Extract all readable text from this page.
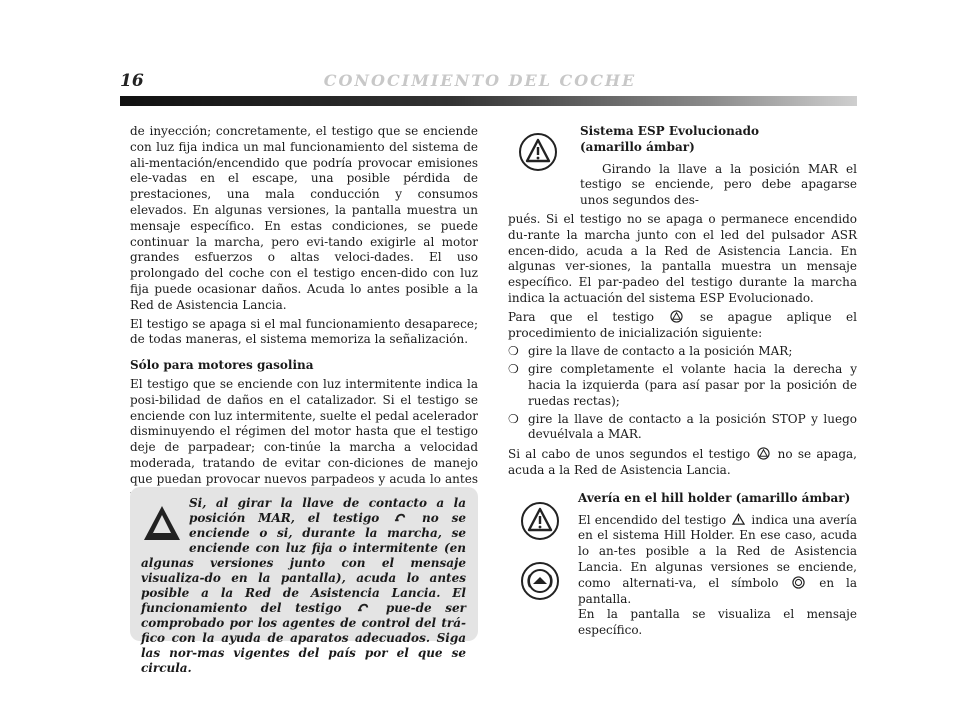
16	CONOCIMIENTO DEL COCHE

de inyección; concretamente, el testigo que se enciende con luz fija indica un mal funcionamiento del sistema de ali-mentación/encendido que podría provocar emisiones ele-vadas en el escape, una posible pérdida de prestaciones, una mala conducción y consumos elevados. En algunas versiones, la pantalla muestra un mensaje específico. En estas condiciones, se puede continuar la marcha, pero evi-tando exigirle al motor grandes esfuerzos o altas veloci-dades. El uso prolongado del coche con el testigo encen-dido con luz fija puede ocasionar daños. Acuda lo antes posible a la Red de Asistencia Lancia.

El testigo se apaga si el mal funcionamiento desaparece; de todas maneras, el sistema memoriza la señalización.

Sólo para motores gasolina

El testigo que se enciende con luz intermitente indica la posi-bilidad de daños en el catalizador. Si el testigo se enciende con luz intermitente, suelte el pedal acelerador disminuyendo el régimen del motor hasta que el testigo deje de parpadear; con-tinúe la marcha a velocidad moderada, tratando de evitar con-diciones de manejo que puedan provocar nuevos parpadeos y acuda lo antes

Si, al girar la llave de contacto a la posición MAR, el testigo	no se enciende o si, durante la marcha, se enciende con luz fija o intermitente (en algunas versiones junto con el mensaje visualiza-do en la pantalla), acuda lo antes posible a la Red de Asistencia Lancia. El funcionamiento del testigo	pue-de ser comprobado por los agentes de control del trá-fico con la ayuda de aparatos adecuados. Siga las nor-mas vigentes del país por el que se circula.

Sistema ESP Evolucionado

(amarillo ámbar)

Girando la llave a la posición MAR el testigo se enciende, pero debe apagarse unos segundos des-

pués. Si el testigo no se apaga o permanece encendido du-rante la marcha junto con el led del pulsador ASR encen-dido, acuda a la Red de Asistencia Lancia. En algunas ver-siones, la pantalla muestra un mensaje específico. El par-padeo del testigo durante la marcha indica la actuación del sistema ESP Evolucionado.

Para que el testigo	se apague aplique el procedimiento de inicialización siguiente:

❍ gire la llave de contacto a la posición MAR;
❍ gire completamente el volante hacia la derecha y hacia la izquierda (para así pasar por la posición de ruedas rectas);
❍ gire la llave de contacto a la posición STOP y luego devuélvala a MAR.

Si al cabo de unos segundos el testigo no se apaga, acuda a la Red de Asistencia Lancia.

Avería en el hill holder (amarillo ámbar)

El encendido del testigo indica una avería en el sistema Hill Holder. En ese caso, acuda lo an-tes posible a la Red de Asistencia Lancia. En algunas versiones se enciende, como alternati-va, el símbolo	en la pantalla.

En la pantalla se visualiza el mensaje específico.
